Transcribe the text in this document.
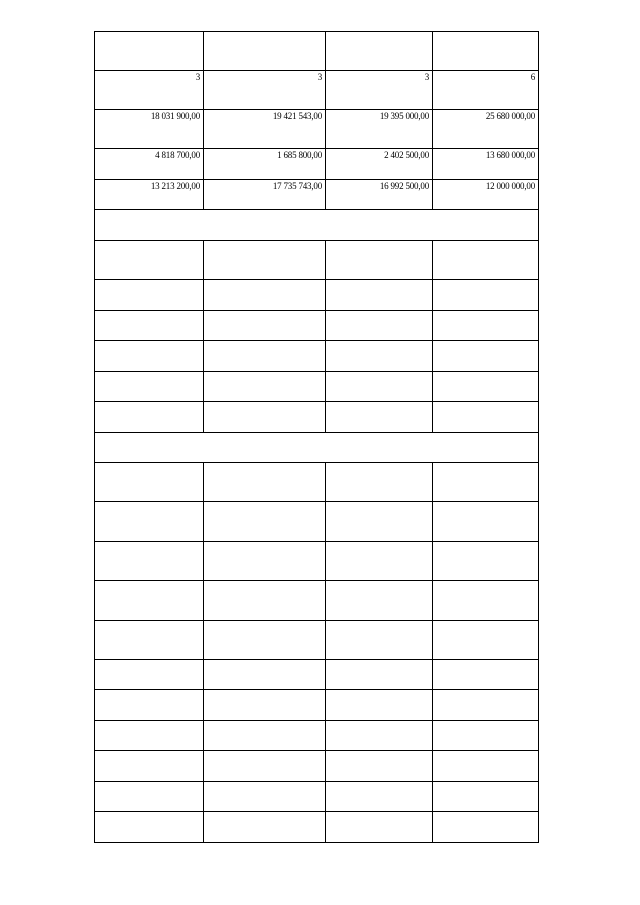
3	3	3	6
18 031 900,00	19 421 543,00	19 395 000,00	25 680 000,00
4 818 700,00	1 685 800,00	2 402 500,00	13 680 000,00
13 213 200,00	17 735 743,00	16 992 500,00	12 000 000,00
